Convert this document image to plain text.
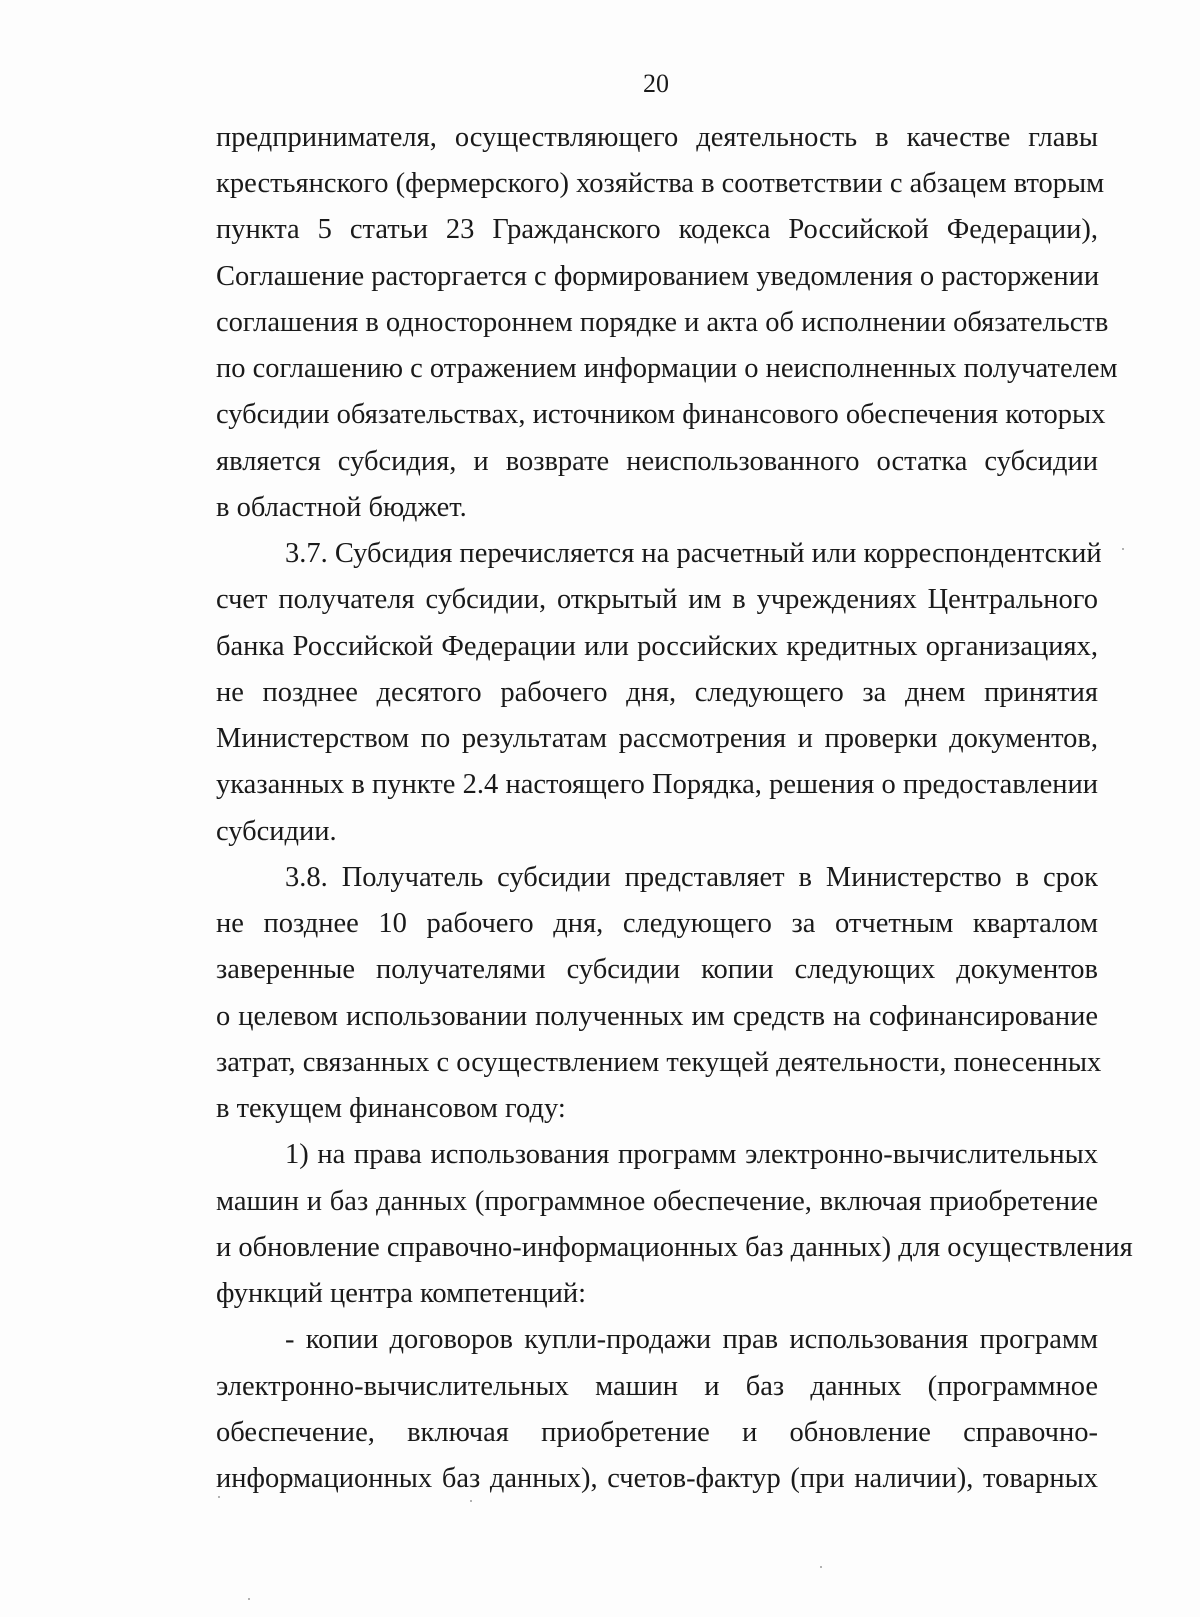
20
предпринимателя, осуществляющего деятельность в качестве главы
крестьянского (фермерского) хозяйства в соответствии с абзацем вторым
пункта 5 статьи 23 Гражданского кодекса Российской Федерации),
Соглашение расторгается с формированием уведомления о расторжении
соглашения в одностороннем порядке и акта об исполнении обязательств
по соглашению с отражением информации о неисполненных получателем
субсидии обязательствах, источником финансового обеспечения которых
является субсидия, и возврате неиспользованного остатка субсидии
в областной бюджет.
3.7. Субсидия перечисляется на расчетный или корреспондентский
счет получателя субсидии, открытый им в учреждениях Центрального
банка Российской Федерации или российских кредитных организациях,
не позднее десятого рабочего дня, следующего за днем принятия
Министерством по результатам рассмотрения и проверки документов,
указанных в пункте 2.4 настоящего Порядка, решения о предоставлении
субсидии.
3.8. Получатель субсидии представляет в Министерство в срок
не позднее 10 рабочего дня, следующего за отчетным кварталом
заверенные получателями субсидии копии следующих документов
о целевом использовании полученных им средств на софинансирование
затрат, связанных с осуществлением текущей деятельности, понесенных
в текущем финансовом году:
1) на права использования программ электронно-вычислительных
машин и баз данных (программное обеспечение, включая приобретение
и обновление справочно-информационных баз данных) для осуществления
функций центра компетенций:
- копии договоров купли-продажи прав использования программ
электронно-вычислительных машин и баз данных (программное
обеспечение, включая приобретение и обновление справочно-
информационных баз данных), счетов-фактур (при наличии), товарных
